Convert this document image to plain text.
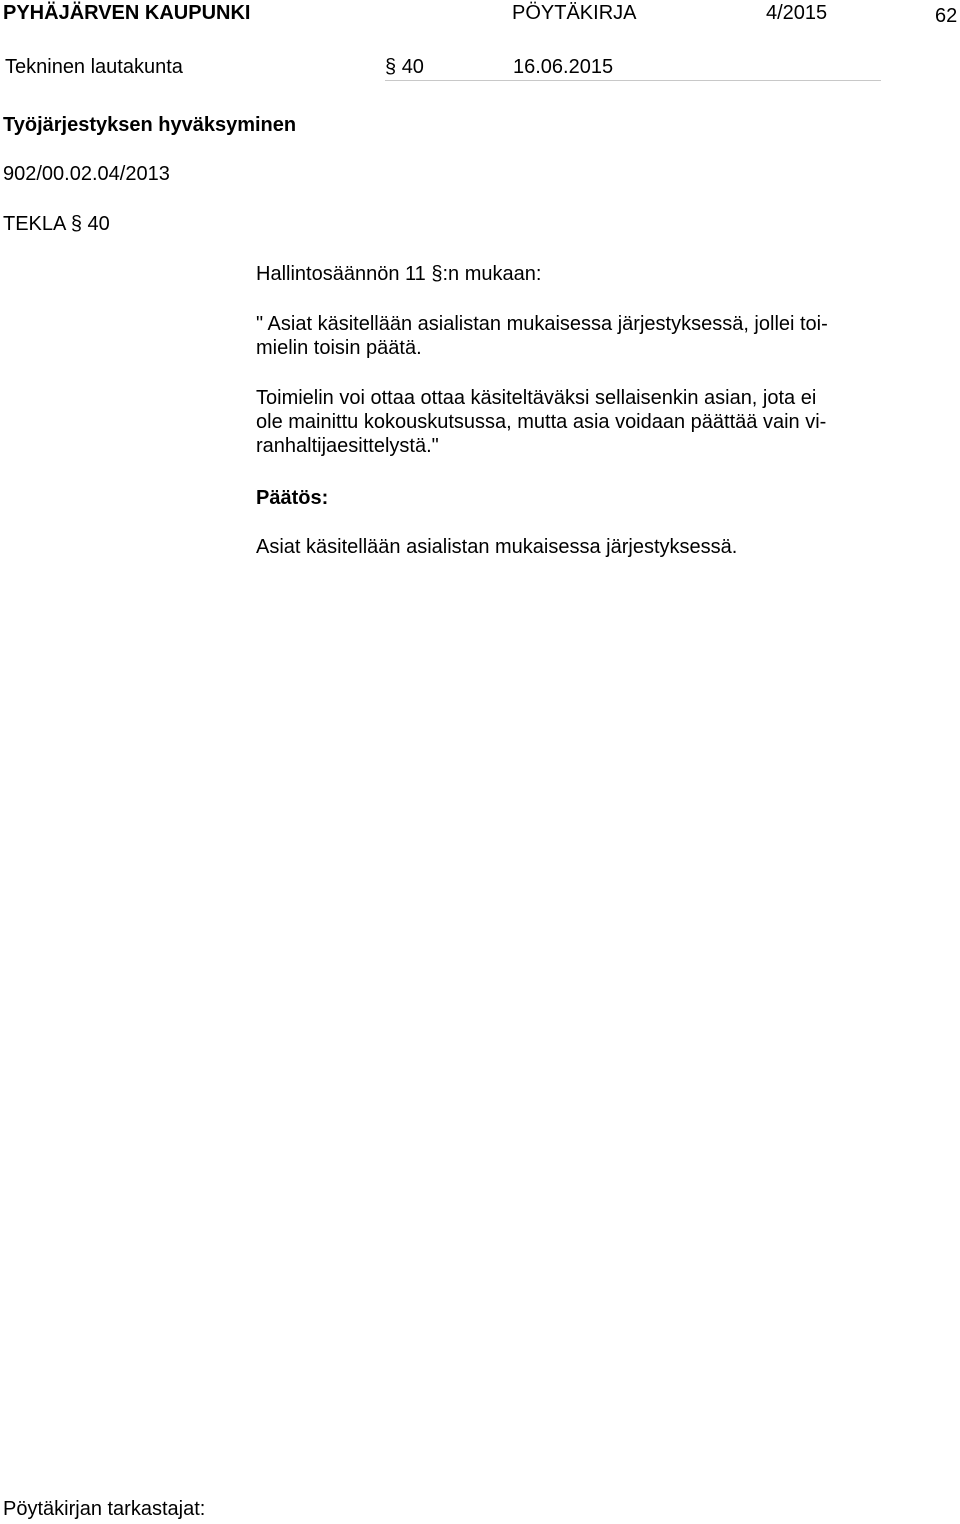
PYHÄJÄRVEN KAUPUNKI	PÖYTÄKIRJA	4/2015	62
Tekninen lautakunta	§ 40	16.06.2015
Työjärjestyksen hyväksyminen
902/00.02.04/2013
TEKLA § 40
Hallintosäännön 11 §:n mukaan:
" Asiat käsitellään asialistan mukaisessa järjestyksessä, jollei toi-
mielin toisin päätä.
Toimielin voi ottaa ottaa käsiteltäväksi sellaisenkin asian, jota ei
ole mainittu kokouskutsussa, mutta asia voidaan päättää vain vi-
ranhaltijaesittelystä."
Päätös:
Asiat käsitellään asialistan mukaisessa järjestyksessä.
Pöytäkirjan tarkastajat:
